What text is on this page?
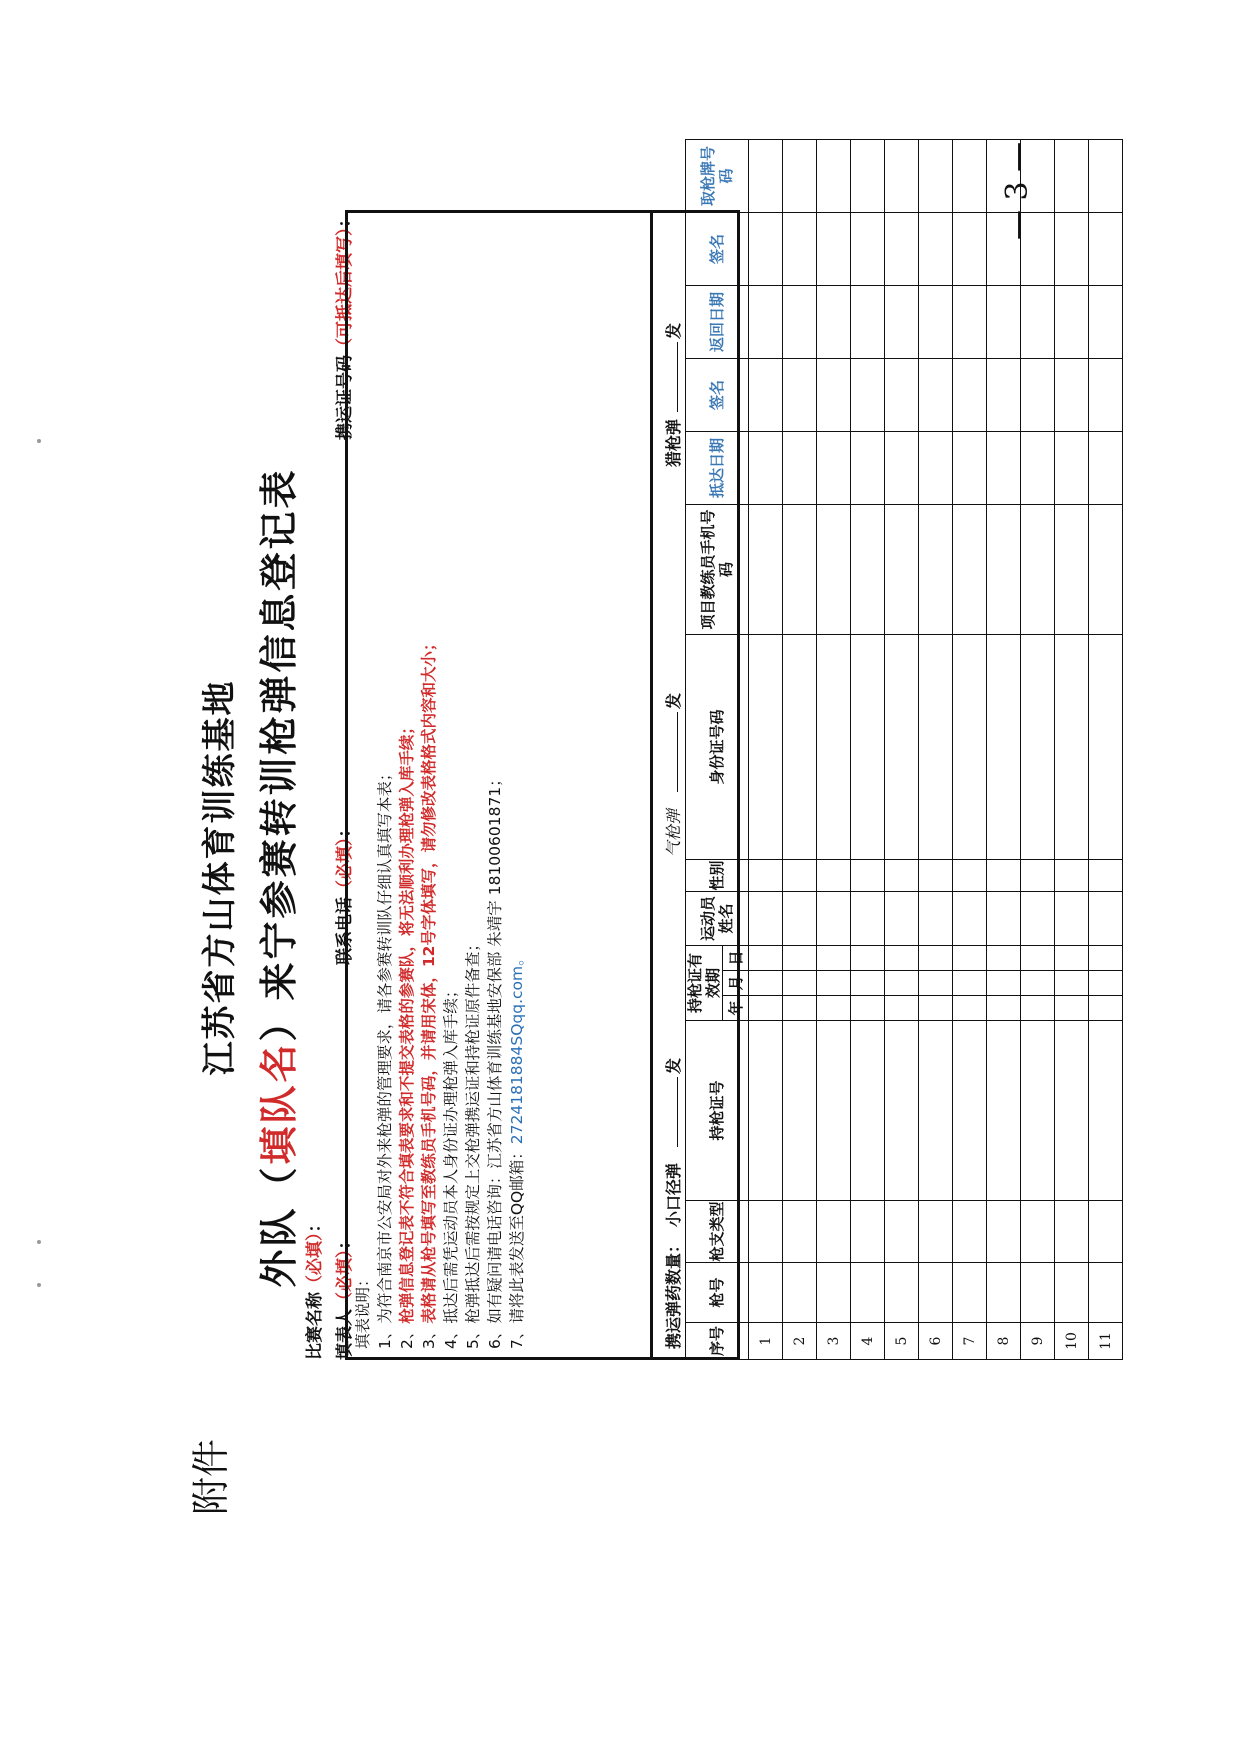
附件
江苏省方山体育训练基地
外队（填队名）来宁参赛转训枪弹信息登记表
比赛名称（必填）：
填表人（必填）：
联系电话（必填）：
携运证号码（可抵达后填写）：
填表说明： 1、为符合南京市公安局对外来枪弹的管理要求，请各参赛转训队仔细认真填写本表； 2、枪弹信息登记表不符合填表要求和不提交表格的参赛队，将无法顺利办理枪弹入库手续；
3、表格请从枪号填写至教练员手机号码，并请用宋体，12号字体填写，请勿修改表格格式内容和大小； 4、抵达后需凭运动员本人身份证办理枪弹入库手续； 5、枪弹抵达后需按规定上交枪弹携运证和持枪证原件备查； 6、如有疑问请电话咨询：江苏省方山体育训练基地安保部 朱靖宇 18100601871； 7、请将此表发送至QQ邮箱：2724181884SQqq.com。
携运弹药数量：
小口径弹
发
气枪弹
发
猎枪弹
发
序号	枪号	枪支类型	持枪证号	持枪证有效期			运动员姓名	性别	身份证号码	项目教练员手机号码	抵达日期	签名	返回日期	签名	取枪牌号码
				年	月	日									
1															
2															
3															
4															
5															
6															
7															
8															
9															
10															
11															
— 3 —
